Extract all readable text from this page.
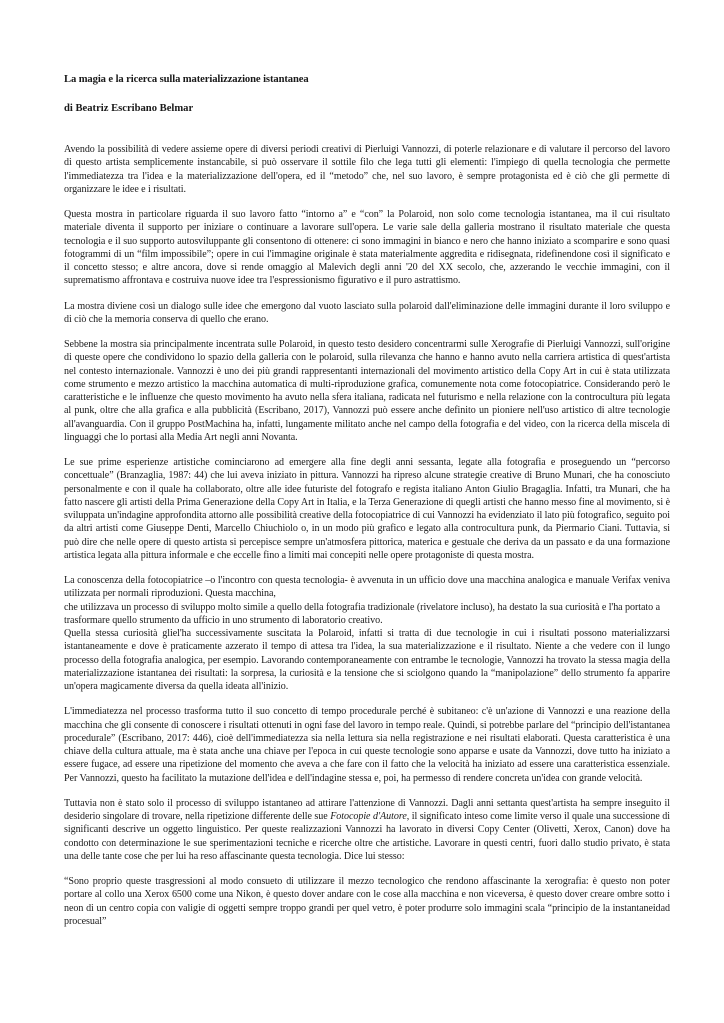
La magia e la ricerca sulla materializzazione istantanea
di Beatriz Escribano Belmar

Avendo la possibilità di vedere assieme opere di diversi periodi creativi di Pierluigi Vannozzi, di poterle relazionare e di valutare il percorso del lavoro di questo artista semplicemente instancabile, si può osservare il sottile filo che lega tutti gli elementi: l'impiego di quella tecnologia che permette l'immediatezza tra l'idea e la materializzazione dell'opera, ed il “metodo” che, nel suo lavoro, è sempre protagonista ed è ciò che gli permette di organizzare le idee e i risultati.

Questa mostra in particolare riguarda il suo lavoro fatto “intorno a” e “con” la Polaroid, non solo come tecnologia istantanea, ma il cui risultato materiale diventa il supporto per iniziare o continuare a lavorare sull'opera. Le varie sale della galleria mostrano il risultato materiale che questa tecnologia e il suo supporto autosviluppante gli consentono di ottenere: ci sono immagini in bianco e nero che hanno iniziato a scomparire e sono quasi fotogrammi di un “film impossibile”; opere in cui l'immagine originale è stata materialmente aggredita e ridisegnata, ridefinendone così il significato e il concetto stesso; e altre ancora, dove si rende omaggio al Malevich degli anni '20 del XX secolo, che, azzerando le vecchie immagini, con il suprematismo affrontava e costruiva nuove idee tra l'espressionismo figurativo e il puro astrattismo.

La mostra diviene così un dialogo sulle idee che emergono dal vuoto lasciato sulla polaroid dall'eliminazione delle immagini durante il loro sviluppo e di ciò che la memoria conserva di quello che erano.

Sebbene la mostra sia principalmente incentrata sulle Polaroid, in questo testo desidero concentrarmi sulle Xerografie di Pierluigi Vannozzi, sull'origine di queste opere che condividono lo spazio della galleria con le polaroid, sulla rilevanza che hanno e hanno avuto nella carriera artistica di quest'artista nel contesto internazionale. Vannozzi è uno dei più grandi rappresentanti internazionali del movimento artistico della Copy Art in cui è stata utilizzata come strumento e mezzo artistico la macchina automatica di multi-riproduzione grafica, comunemente nota come fotocopiatrice. Considerando però le caratteristiche e le influenze che questo movimento ha avuto nella sfera italiana, radicata nel futurismo e nella relazione con la controcultura più legata al punk, oltre che alla grafica e alla pubblicità (Escribano, 2017), Vannozzi può essere anche definito un pioniere nell'uso artistico di altre tecnologie all'avanguardia. Con il gruppo PostMachina ha, infatti, lungamente militato anche nel campo della fotografia e del video, con la ricerca della miscela di linguaggi che lo portasi alla Media Art negli anni Novanta.

Le sue prime esperienze artistiche cominciarono ad emergere alla fine degli anni sessanta, legate alla fotografia e proseguendo un “percorso concettuale” (Branzaglia, 1987: 44) che lui aveva iniziato in pittura. Vannozzi ha ripreso alcune strategie creative di Bruno Munari, che ha conosciuto personalmente e con il quale ha collaborato, oltre alle idee futuriste del fotografo e regista italiano Anton Giulio Bragaglia. Infatti, tra Munari, che ha fatto nascere gli artisti della Prima Generazione della Copy Art in Italia, e la Terza Generazione di quegli artisti che hanno messo fine al movimento, si è sviluppata un'indagine approfondita attorno alle possibilità creative della fotocopiatrice di cui Vannozzi ha evidenziato il lato più fotografico, seguito poi da altri artisti come Giuseppe Denti, Marcello Chiuchiolo o, in un modo più grafico e legato alla controcultura punk, da Piermario Ciani. Tuttavia, si può dire che nelle opere di questo artista si percepisce sempre un'atmosfera pittorica, materica e gestuale che deriva da un passato e da una formazione artistica legata alla pittura informale e che eccelle fino a limiti mai concepiti nelle opere protagoniste di questa mostra.

La conoscenza della fotocopiatrice –o l'incontro con questa tecnologia- è avvenuta in un ufficio dove una macchina analogica e manuale Verifax veniva utilizzata per normali riproduzioni. Questa macchina,

che utilizzava un processo di sviluppo molto simile a quello della fotografia tradizionale (rivelatore incluso), ha destato la sua curiosità e l'ha portato a trasformare quello strumento da ufficio in uno strumento di laboratorio creativo.

Quella stessa curiosità gliel'ha successivamente suscitata la Polaroid, infatti si tratta di due tecnologie in cui i risultati possono materializzarsi istantaneamente e dove è praticamente azzerato il tempo di attesa tra l'idea, la sua materializzazione e il risultato. Niente a che vedere con il lungo processo della fotografia analogica, per esempio. Lavorando contemporaneamente con entrambe le tecnologie, Vannozzi ha trovato la stessa magia della materializzazione istantanea dei risultati: la sorpresa, la curiosità e la tensione che si sciolgono quando la “manipolazione” dello strumento fa apparire un'opera magicamente diversa da quella ideata all'inizio.

L'immediatezza nel processo trasforma tutto il suo concetto di tempo procedurale perché è subitaneo: c'è un'azione di Vannozzi e una reazione della macchina che gli consente di conoscere i risultati ottenuti in ogni fase del lavoro in tempo reale. Quindi, si potrebbe parlare del “principio dell'istantanea procedurale” (Escribano, 2017: 446), cioè dell'immediatezza sia nella lettura sia nella registrazione e nei risultati elaborati. Questa caratteristica è una chiave della cultura attuale, ma è stata anche una chiave per l'epoca in cui queste tecnologie sono apparse e usate da Vannozzi, dove tutto ha iniziato a essere fugace, ad essere una ripetizione del momento che aveva a che fare con il fatto che la velocità ha iniziato ad essere una caratteristica essenziale. Per Vannozzi, questo ha facilitato la mutazione dell'idea e dell'indagine stessa e, poi, ha permesso di rendere concreta un'idea con grande velocità.

Tuttavia non è stato solo il processo di sviluppo istantaneo ad attirare l'attenzione di Vannozzi. Dagli anni settanta quest'artista ha sempre inseguito il desiderio singolare di trovare, nella ripetizione differente delle sue Fotocopie d'Autore, il significato inteso come limite verso il quale una successione di significanti descrive un oggetto linguistico. Per queste realizzazioni Vannozzi ha lavorato in diversi Copy Center (Olivetti, Xerox, Canon) dove ha condotto con determinazione le sue sperimentazioni tecniche e ricerche oltre che artistiche. Lavorare in questi centri, fuori dallo studio privato, è stata una delle tante cose che per lui ha reso affascinante questa tecnologia. Dice lui stesso:

“Sono proprio queste trasgressioni al modo consueto di utilizzare il mezzo tecnologico che rendono affascinante la xerografia: è questo non poter portare al collo una Xerox 6500 come una Nikon, è questo dover andare con le cose alla macchina e non viceversa, è questo dover creare ombre sotto i neon di un centro copia con valigie di oggetti sempre troppo grandi per quel vetro, è poter produrre solo immagini scala “principio de la instantaneidad procesual”
